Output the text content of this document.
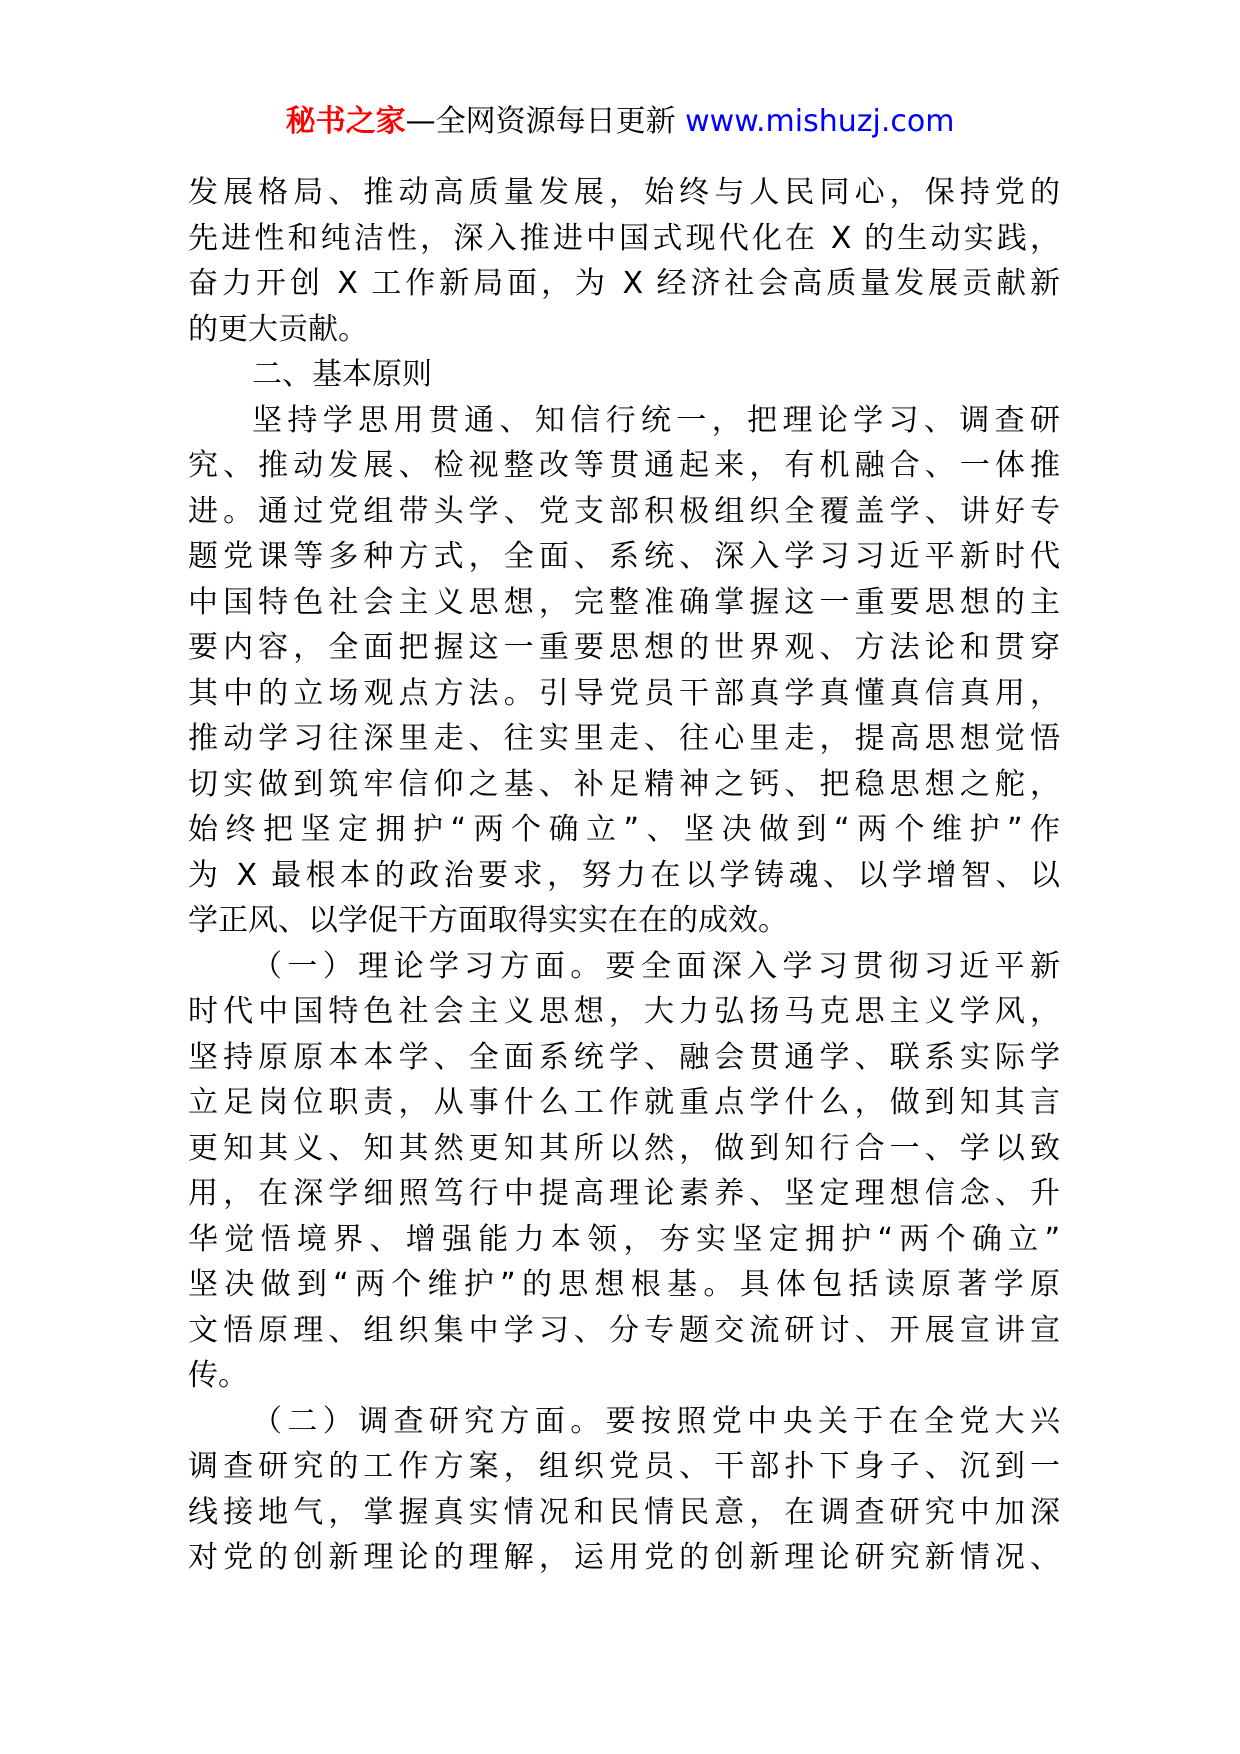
秘书之家—全网资源每日更新 www.mishuzj.com
发展格局、推动高质量发展，始终与人民同心，保持党的
先进性和纯洁性，深入推进中国式现代化在 X 的生动实践，
奋力开创 X 工作新局面，为 X 经济社会高质量发展贡献新
的更大贡献。
二、基本原则
坚持学思用贯通、知信行统一，把理论学习、调查研
究、推动发展、检视整改等贯通起来，有机融合、一体推
进。通过党组带头学、党支部积极组织全覆盖学、讲好专
题党课等多种方式，全面、系统、深入学习习近平新时代
中国特色社会主义思想，完整准确掌握这一重要思想的主
要内容，全面把握这一重要思想的世界观、方法论和贯穿
其中的立场观点方法。引导党员干部真学真懂真信真用，
推动学习往深里走、往实里走、往心里走，提高思想觉悟
切实做到筑牢信仰之基、补足精神之钙、把稳思想之舵，
始终把坚定拥护“两个确立”、坚决做到“两个维护”作
为 X 最根本的政治要求，努力在以学铸魂、以学增智、以
学正风、以学促干方面取得实实在在的成效。
（一）理论学习方面。要全面深入学习贯彻习近平新
时代中国特色社会主义思想，大力弘扬马克思主义学风，
坚持原原本本学、全面系统学、融会贯通学、联系实际学
立足岗位职责，从事什么工作就重点学什么，做到知其言
更知其义、知其然更知其所以然，做到知行合一、学以致
用，在深学细照笃行中提高理论素养、坚定理想信念、升
华觉悟境界、增强能力本领，夯实坚定拥护“两个确立”
坚决做到“两个维护”的思想根基。具体包括读原著学原
文悟原理、组织集中学习、分专题交流研讨、开展宣讲宣
传。
（二）调查研究方面。要按照党中央关于在全党大兴
调查研究的工作方案，组织党员、干部扑下身子、沉到一
线接地气，掌握真实情况和民情民意，在调查研究中加深
对党的创新理论的理解，运用党的创新理论研究新情况、
